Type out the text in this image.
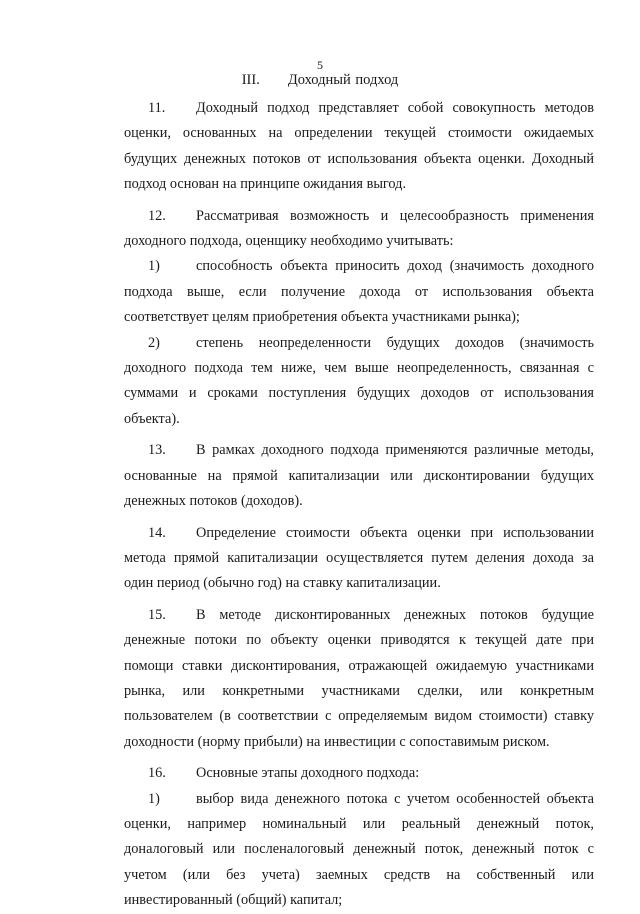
5
III. Доходный подход

11. Доходный подход представляет собой совокупность методов оценки, основанных на определении текущей стоимости ожидаемых будущих денежных потоков от использования объекта оценки. Доходный подход основан на принципе ожидания выгод.

12. Рассматривая возможность и целесообразность применения доходного подхода, оценщику необходимо учитывать:

1)	способность объекта приносить доход (значимость доходного подхода выше, если получение дохода от использования объекта соответствует целям приобретения объекта участниками рынка);

2)	степень неопределенности будущих доходов (значимость доходного подхода тем ниже, чем выше неопределенность, связанная с суммами и сроками поступления будущих доходов от использования объекта).

13. В рамках доходного подхода применяются различные методы, основанные на прямой капитализации или дисконтировании будущих денежных потоков (доходов).

14. Определение стоимости объекта оценки при использовании метода прямой капитализации осуществляется путем деления дохода за один период (обычно год) на ставку капитализации.

15. В методе дисконтированных денежных потоков будущие денежные потоки по объекту оценки приводятся к текущей дате при помощи ставки дисконтирования, отражающей ожидаемую участниками рынка, или конкретными участниками сделки, или конкретным пользователем (в соответствии с определяемым видом стоимости) ставку доходности (норму прибыли) на инвестиции с сопоставимым риском.

16. Основные этапы доходного подхода:

1)	выбор вида денежного потока с учетом особенностей объекта оценки, например номинальный или реальный денежный поток, доналоговый или посленалоговый денежный поток, денежный поток с учетом (или без учета) заемных средств на собственный или инвестированный (общий) капитал;
